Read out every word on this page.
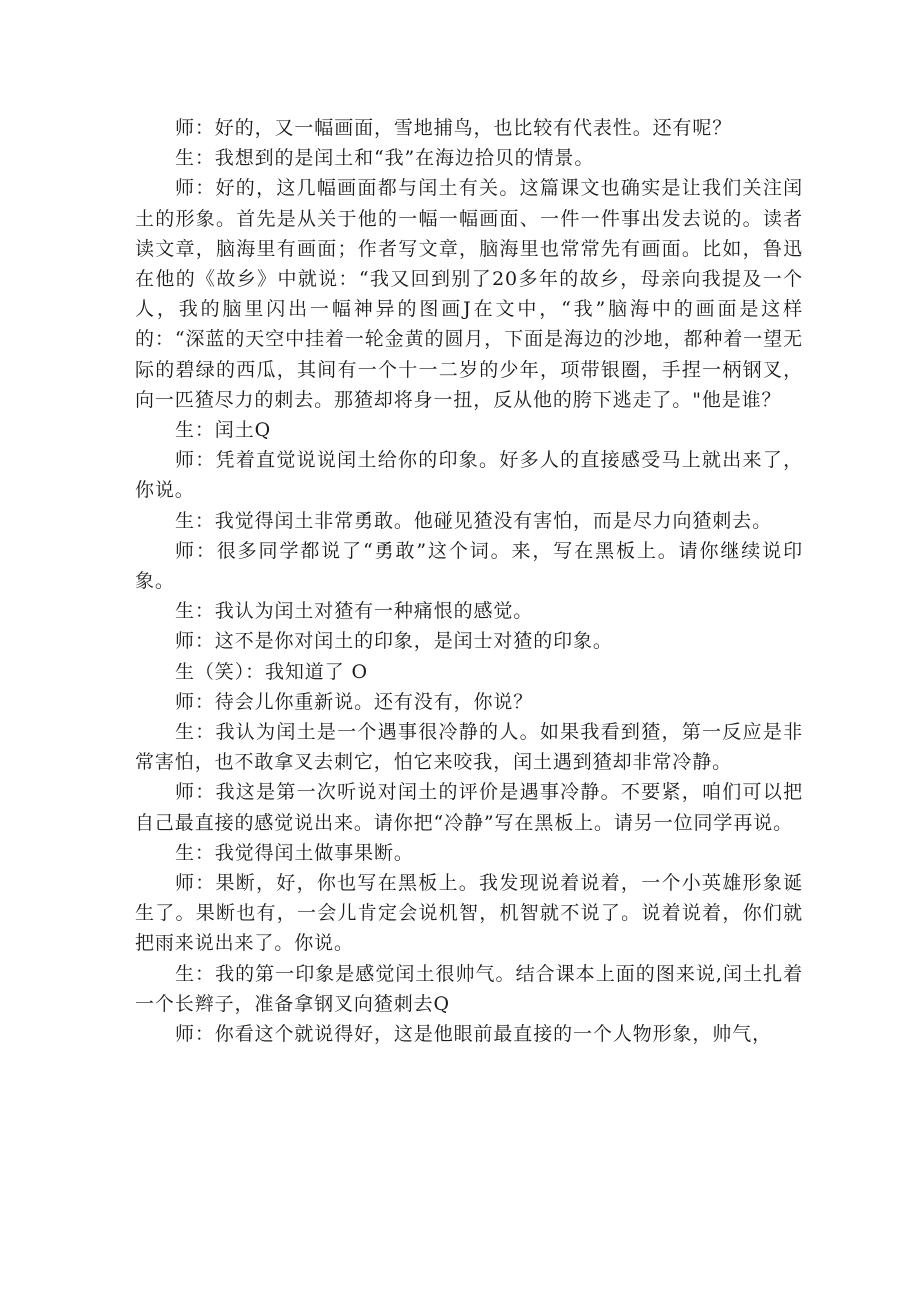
师：好的，又一幅画面，雪地捕鸟，也比较有代表性。还有呢？

生：我想到的是闰土和“我”在海边拾贝的情景。

师：好的，这几幅画面都与闰土有关。这篇课文也确实是让我们关注闰土的形象。首先是从关于他的一幅一幅画面、一件一件事出发去说的。读者读文章，脑海里有画面；作者写文章，脑海里也常常先有画面。比如，鲁迅在他的《故乡》中就说：“我又回到别了20多年的故乡，母亲向我提及一个人，我的脑里闪出一幅神异的图画J在文中，“我”脑海中的画面是这样的：“深蓝的天空中挂着一轮金黄的圆月，下面是海边的沙地，都种着一望无际的碧绿的西瓜，其间有一个十一二岁的少年，项带银圈，手捏一柄钢叉，向一匹猹尽力的刺去。那猹却将身一扭，反从他的胯下逃走了。"他是谁？

生：闰土Q

师：凭着直觉说说闰土给你的印象。好多人的直接感受马上就出来了，你说。

生：我觉得闰土非常勇敢。他碰见猹没有害怕，而是尽力向猹刺去。

师：很多同学都说了“勇敢”这个词。来，写在黑板上。请你继续说印象。

生：我认为闰土对猹有一种痛恨的感觉。

师：这不是你对闰土的印象，是闰士对猹的印象。

生（笑）：我知道了 O

师：待会儿你重新说。还有没有，你说？

生：我认为闰土是一个遇事很冷静的人。如果我看到猹，第一反应是非常害怕，也不敢拿叉去刺它，怕它来咬我，闰土遇到猹却非常冷静。

师：我这是第一次听说对闰土的评价是遇事冷静。不要紧，咱们可以把自己最直接的感觉说出来。请你把“冷静”写在黑板上。请另一位同学再说。

生：我觉得闰土做事果断。

师：果断，好，你也写在黑板上。我发现说着说着，一个小英雄形象诞生了。果断也有，一会儿肯定会说机智，机智就不说了。说着说着，你们就把雨来说出来了。你说。

生：我的第一印象是感觉闰土很帅气。结合课本上面的图来说,闰土扎着一个长辫子，准备拿钢叉向猹刺去Q

师：你看这个就说得好，这是他眼前最直接的一个人物形象，帅气，
